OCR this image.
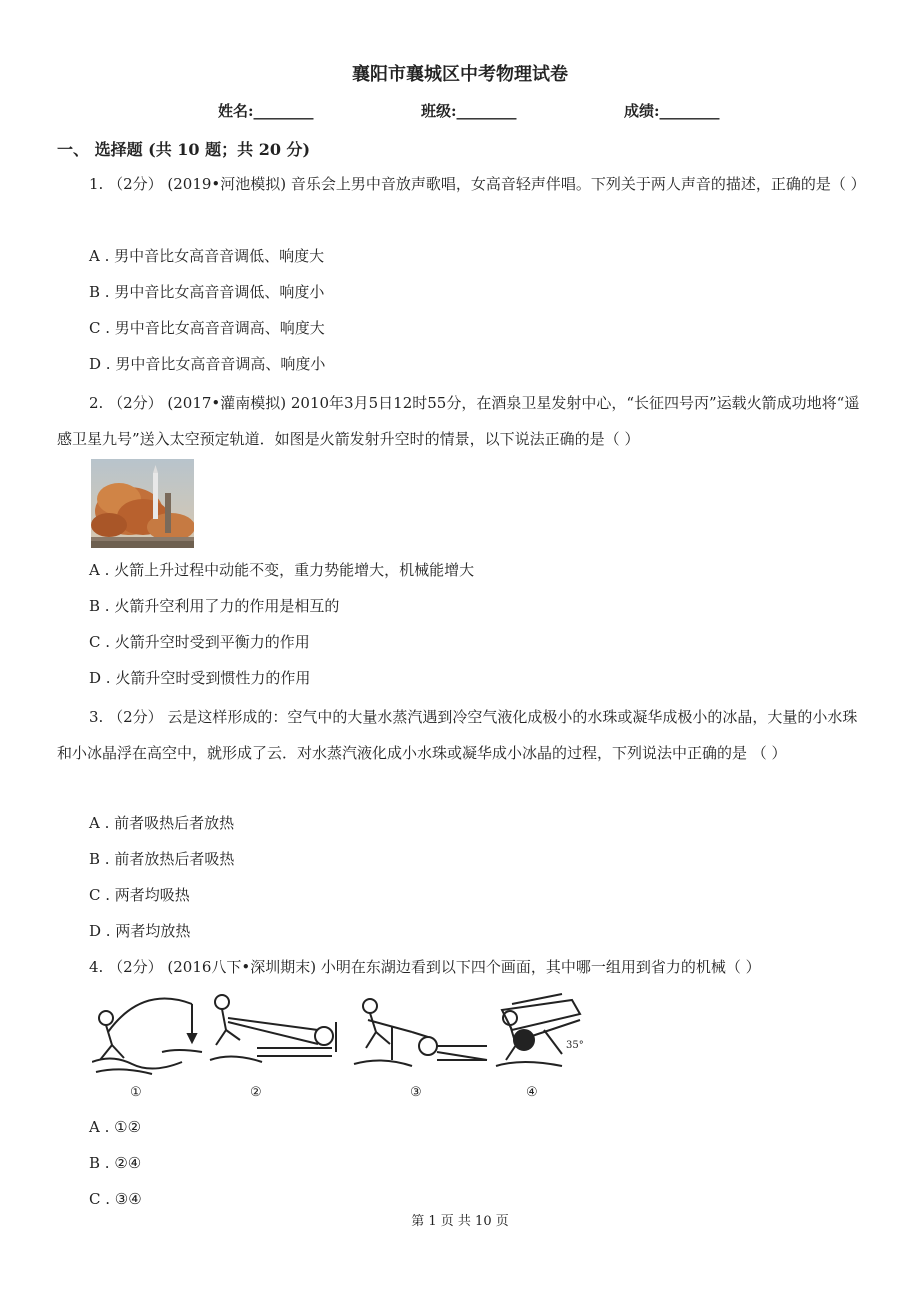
襄阳市襄城区中考物理试卷
姓名:________	班级:________	成绩:________
一、 选择题 (共 10 题；共 20 分)
1. （2分） (2019•河池模拟) 音乐会上男中音放声歌唱，女高音轻声伴唱。下列关于两人声音的描述，正确的是（ ）
A . 男中音比女高音音调低、响度大
B . 男中音比女高音音调低、响度小
C . 男中音比女高音音调高、响度大
D . 男中音比女高音音调高、响度小
2. （2分） (2017•灌南模拟) 2010年3月5日12时55分，在酒泉卫星发射中心，“长征四号丙”运载火箭成功地将“遥感卫星九号”送入太空预定轨道．如图是火箭发射升空时的情景，以下说法正确的是（ ）
A . 火箭上升过程中动能不变，重力势能增大，机械能增大
B . 火箭升空利用了力的作用是相互的
C . 火箭升空时受到平衡力的作用
D . 火箭升空时受到惯性力的作用
3. （2分） 云是这样形成的：空气中的大量水蒸汽遇到冷空气液化成极小的水珠或凝华成极小的冰晶，大量的小水珠和小冰晶浮在高空中，就形成了云．对水蒸汽液化成小水珠或凝华成小冰晶的过程，下列说法中正确的是 （ ）
A . 前者吸热后者放热
B . 前者放热后者吸热
C . 两者均吸热
D . 两者均放热
4. （2分） (2016八下•深圳期末) 小明在东湖边看到以下四个画面，其中哪一组用到省力的机械（ ）
35°
①	②	③	④
A . ①②
B . ②④
C . ③④
第 1 页 共 10 页
